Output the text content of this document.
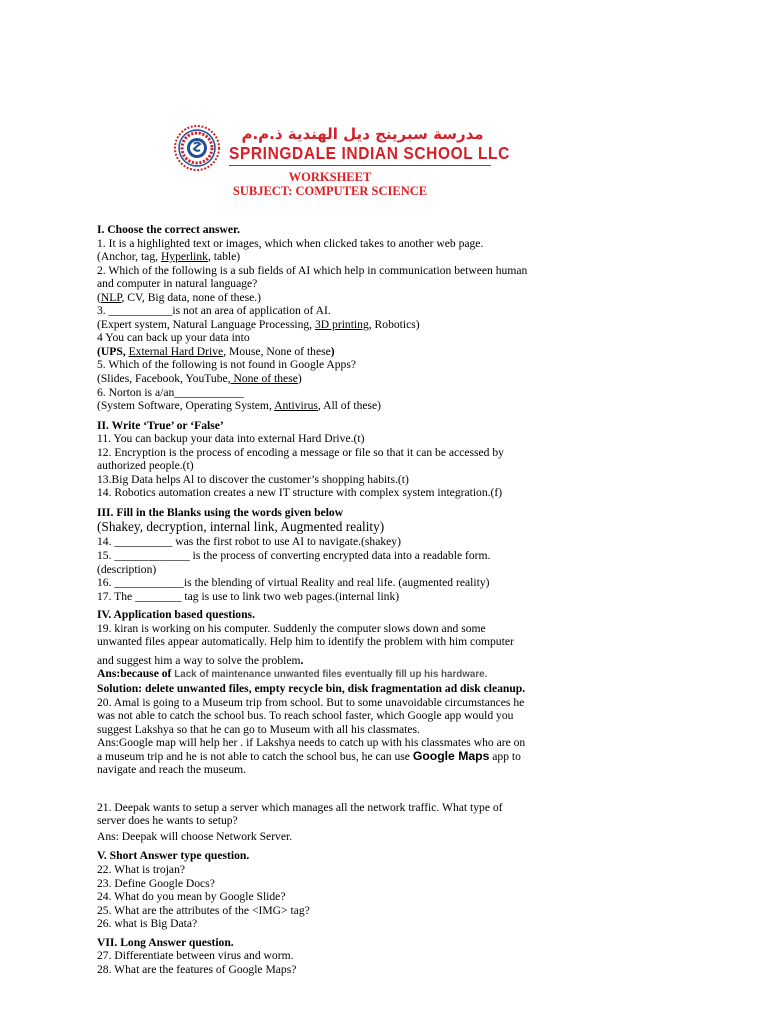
مدرسة سبرينج ديل الهندية ذ.م.م
SPRINGDALE INDIAN SCHOOL LLC
WORKSHEET
SUBJECT: COMPUTER SCIENCE
I. Choose the correct answer.
1. It is a highlighted text or images, which when clicked takes to another web page.
(Anchor, tag, Hyperlink, table)
2. Which of the following is a sub fields of AI which help in communication between human
and computer in natural language?
(NLP, CV, Big data, none of these.)
3. ___________is not an area of application of AI.
(Expert system, Natural Language Processing, 3D printing, Robotics)
4 You can back up your data into
(UPS, External Hard Drive, Mouse, None of these)
5. Which of the following is not found in Google Apps?
(Slides, Facebook, YouTube, None of these)
6. Norton is a/an____________
(System Software, Operating System, Antivirus, All of these)
II. Write ‘True’ or ‘False’
11. You can backup your data into external Hard Drive.(t)
12. Encryption is the process of encoding a message or file so that it can be accessed by
authorized people.(t)
13.Big Data helps Al to discover the customer’s shopping habits.(t)
14. Robotics automation creates a new IT structure with complex system integration.(f)
III. Fill in the Blanks using the words given below
(Shakey, decryption, internal link, Augmented reality)
14. __________ was the first robot to use AI to navigate.(shakey)
15. _____________ is the process of converting encrypted data into a readable form.
(description)
16. ____________is the blending of virtual Reality and real life. (augmented reality)
17. The ________ tag is use to link two web pages.(internal link)
IV. Application based questions.
19. kiran is working on his computer. Suddenly the computer slows down and some
unwanted files appear automatically. Help him to identify the problem with him computer
and suggest him a way to solve the problem.
Ans:because of Lack of maintenance unwanted files eventually fill up his hardware.
Solution: delete unwanted files, empty recycle bin, disk fragmentation ad disk cleanup.
20. Amal is going to a Museum trip from school. But to some unavoidable circumstances he
was not able to catch the school bus. To reach school faster, which Google app would you
suggest Lakshya so that he can go to Museum with all his classmates.
Ans:Google map will help her . if Lakshya needs to catch up with his classmates who are on
a museum trip and he is not able to catch the school bus, he can use Google Maps app to
navigate and reach the museum.
21. Deepak wants to setup a server which manages all the network traffic. What type of
server does he wants to setup?
Ans: Deepak will choose Network Server.
V. Short Answer type question.
22. What is trojan?
23. Define Google Docs?
24. What do you mean by Google Slide?
25. What are the attributes of the <IMG> tag?
26. what is Big Data?
VII. Long Answer question.
27. Differentiate between virus and worm.
28. What are the features of Google Maps?
